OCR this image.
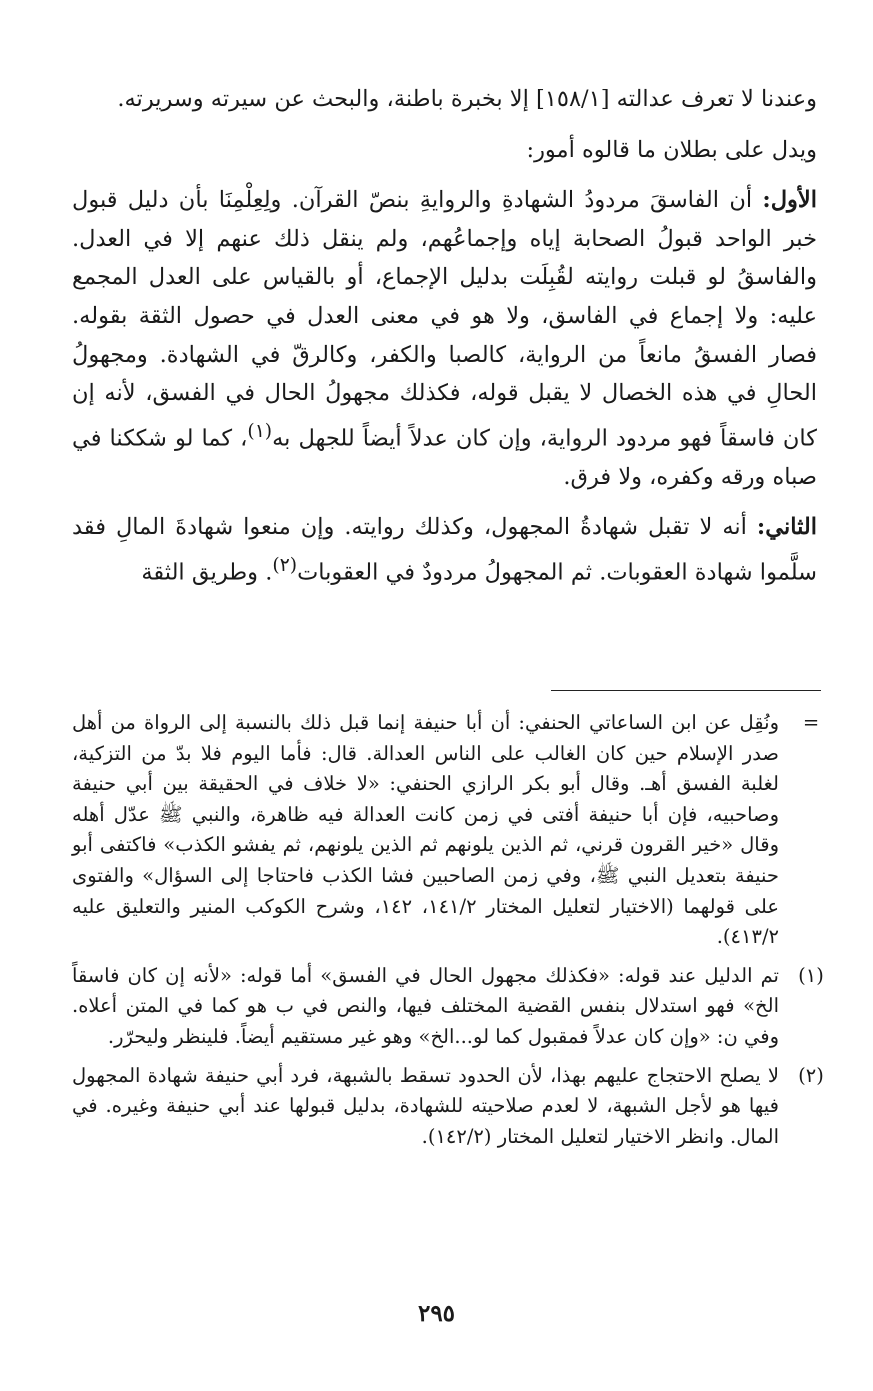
وعندنا لا تعرف عدالته [١٥٨/١] إلا بخبرة باطنة، والبحث عن سيرته وسريرته.

ويدل على بطلان ما قالوه أمور:

الأول: أن الفاسقَ مردودُ الشهادةِ والروايةِ بنصّ القرآن. ولِعِلْمِنَا بأن دليل قبول خبر الواحد قبولُ الصحابة إياه وإجماعُهم، ولم ينقل ذلك عنهم إلا في العدل. والفاسقُ لو قبلت روايته لقُبِلَت بدليل الإجماع، أو بالقياس على العدل المجمع عليه: ولا إجماع في الفاسق، ولا هو في معنى العدل في حصول الثقة بقوله. فصار الفسقُ مانعاً من الرواية، كالصبا والكفر، وكالرقّ في الشهادة. ومجهولُ الحالِ في هذه الخصال لا يقبل قوله، فكذلك مجهولُ الحال في الفسق، لأنه إن كان فاسقاً فهو مردود الرواية، وإن كان عدلاً أيضاً للجهل به$^{(١)}$، كما لو شككنا في صباه ورقه وكفره، ولا فرق.

الثاني: أنه لا تقبل شهادةُ المجهول، وكذلك روايته. وإن منعوا شهادةَ المالِ فقد سلَّموا شهادة العقوبات. ثم المجهولُ مردودٌ في العقوبات$^{(٢)}$. وطريق الثقة

=
ونُقِل عن ابن الساعاتي الحنفي: أن أبا حنيفة إنما قبل ذلك بالنسبة إلى الرواة من أهل صدر الإسلام حين كان الغالب على الناس العدالة. قال: فأما اليوم فلا بدّ من التزكية، لغلبة الفسق أهـ. وقال أبو بكر الرازي الحنفي: «لا خلاف في الحقيقة بين أبي حنيفة وصاحبيه، فإن أبا حنيفة أفتى في زمن كانت العدالة فيه ظاهرة، والنبي ﷺ عدّل أهله وقال «خير القرون قرني، ثم الذين يلونهم ثم الذين يلونهم، ثم يفشو الكذب» فاكتفى أبو حنيفة بتعديل النبي ﷺ، وفي زمن الصاحبين فشا الكذب فاحتاجا إلى السؤال» والفتوى على قولهما (الاختيار لتعليل المختار ١٤١/٢، ١٤٢، وشرح الكوكب المنير والتعليق عليه ٤١٣/٢).
(١)
تم الدليل عند قوله: «فكذلك مجهول الحال في الفسق» أما قوله: «لأنه إن كان فاسقاً الخ» فهو استدلال بنفس القضية المختلف فيها، والنص في ب هو كما في المتن أعلاه. وفي ن: «وإن كان عدلاً فمقبول كما لو...الخ» وهو غير مستقيم أيضاً. فلينظر وليحرّر.
(٢)
لا يصلح الاحتجاج عليهم بهذا، لأن الحدود تسقط بالشبهة، فرد أبي حنيفة شهادة المجهول فيها هو لأجل الشبهة، لا لعدم صلاحيته للشهادة، بدليل قبولها عند أبي حنيفة وغيره. في المال. وانظر الاختيار لتعليل المختار (١٤٢/٢).
٢٩٥
